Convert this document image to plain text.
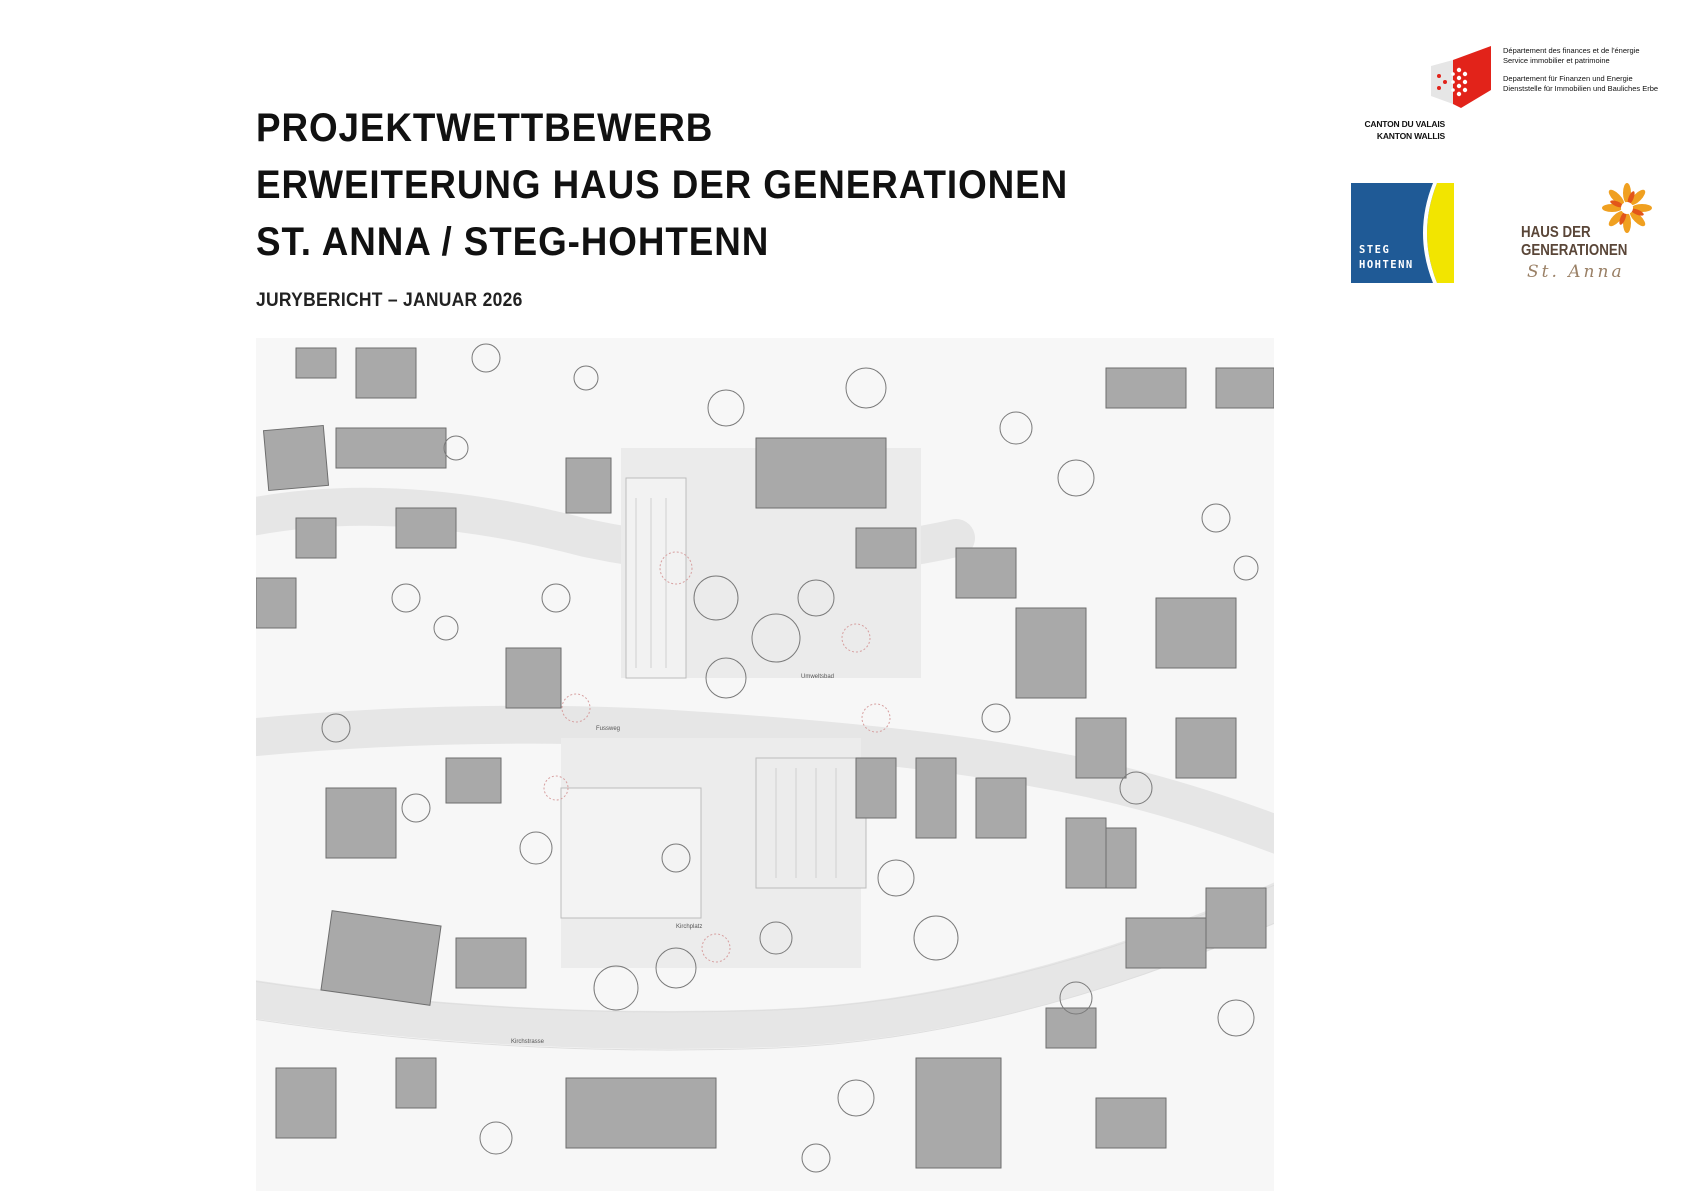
PROJEKTWETTBEWERB
ERWEITERUNG HAUS DER GENERATIONEN
ST. ANNA / STEG-HOHTENN

JURYBERICHT – JANUAR 2026

CANTON DU VALAIS
KANTON WALLIS
Département des finances et de l'énergie
Service immobilier et patrimoine
Departement für Finanzen und Energie
Dienststelle für Immobilien und Bauliches Erbe
STEG
HOHTENN
HAUS DER
GENERATIONEN
St. Anna
Kirchstrasse
Umweltsbad
Kirchplatz
Fussweg
